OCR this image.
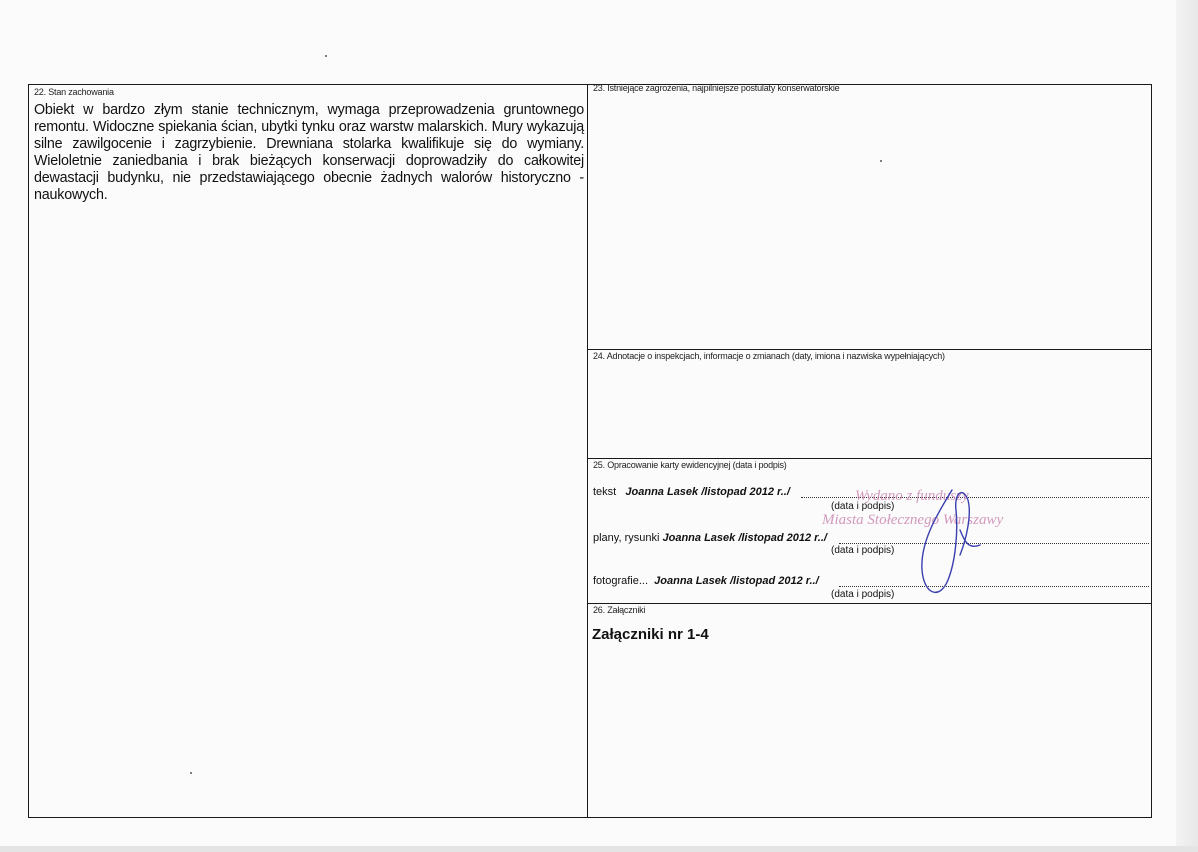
22. Stan zachowania
Obiekt w bardzo złym stanie technicznym, wymaga przeprowadzenia gruntownego remontu. Widoczne spiekania ścian, ubytki tynku oraz warstw malarskich. Mury wykazują silne zawilgocenie i zagrzybienie. Drewniana stolarka kwalifikuje się do wymiany. Wieloletnie zaniedbania i brak bieżących konserwacji doprowadziły do całkowitej dewastacji budynku, nie przedstawiającego obecnie żadnych walorów historyczno - naukowych.
23. Istniejące zagrożenia, najpilniejsze postulaty konserwatorskie
24. Adnotacje o inspekcjach, informacje o zmianach (daty, imiona i nazwiska wypełniających)
25. Opracowanie karty ewidencyjnej (data i podpis)
tekst Joanna Lasek /listopad 2012 r../
(data i podpis)
plany, rysunki Joanna Lasek /listopad 2012 r../
(data i podpis)
fotografie... Joanna Lasek /listopad 2012 r../
(data i podpis)
26. Załączniki
Załączniki nr 1-4
Wydano z funduszy
Miasta Stołecznego Warszawy
